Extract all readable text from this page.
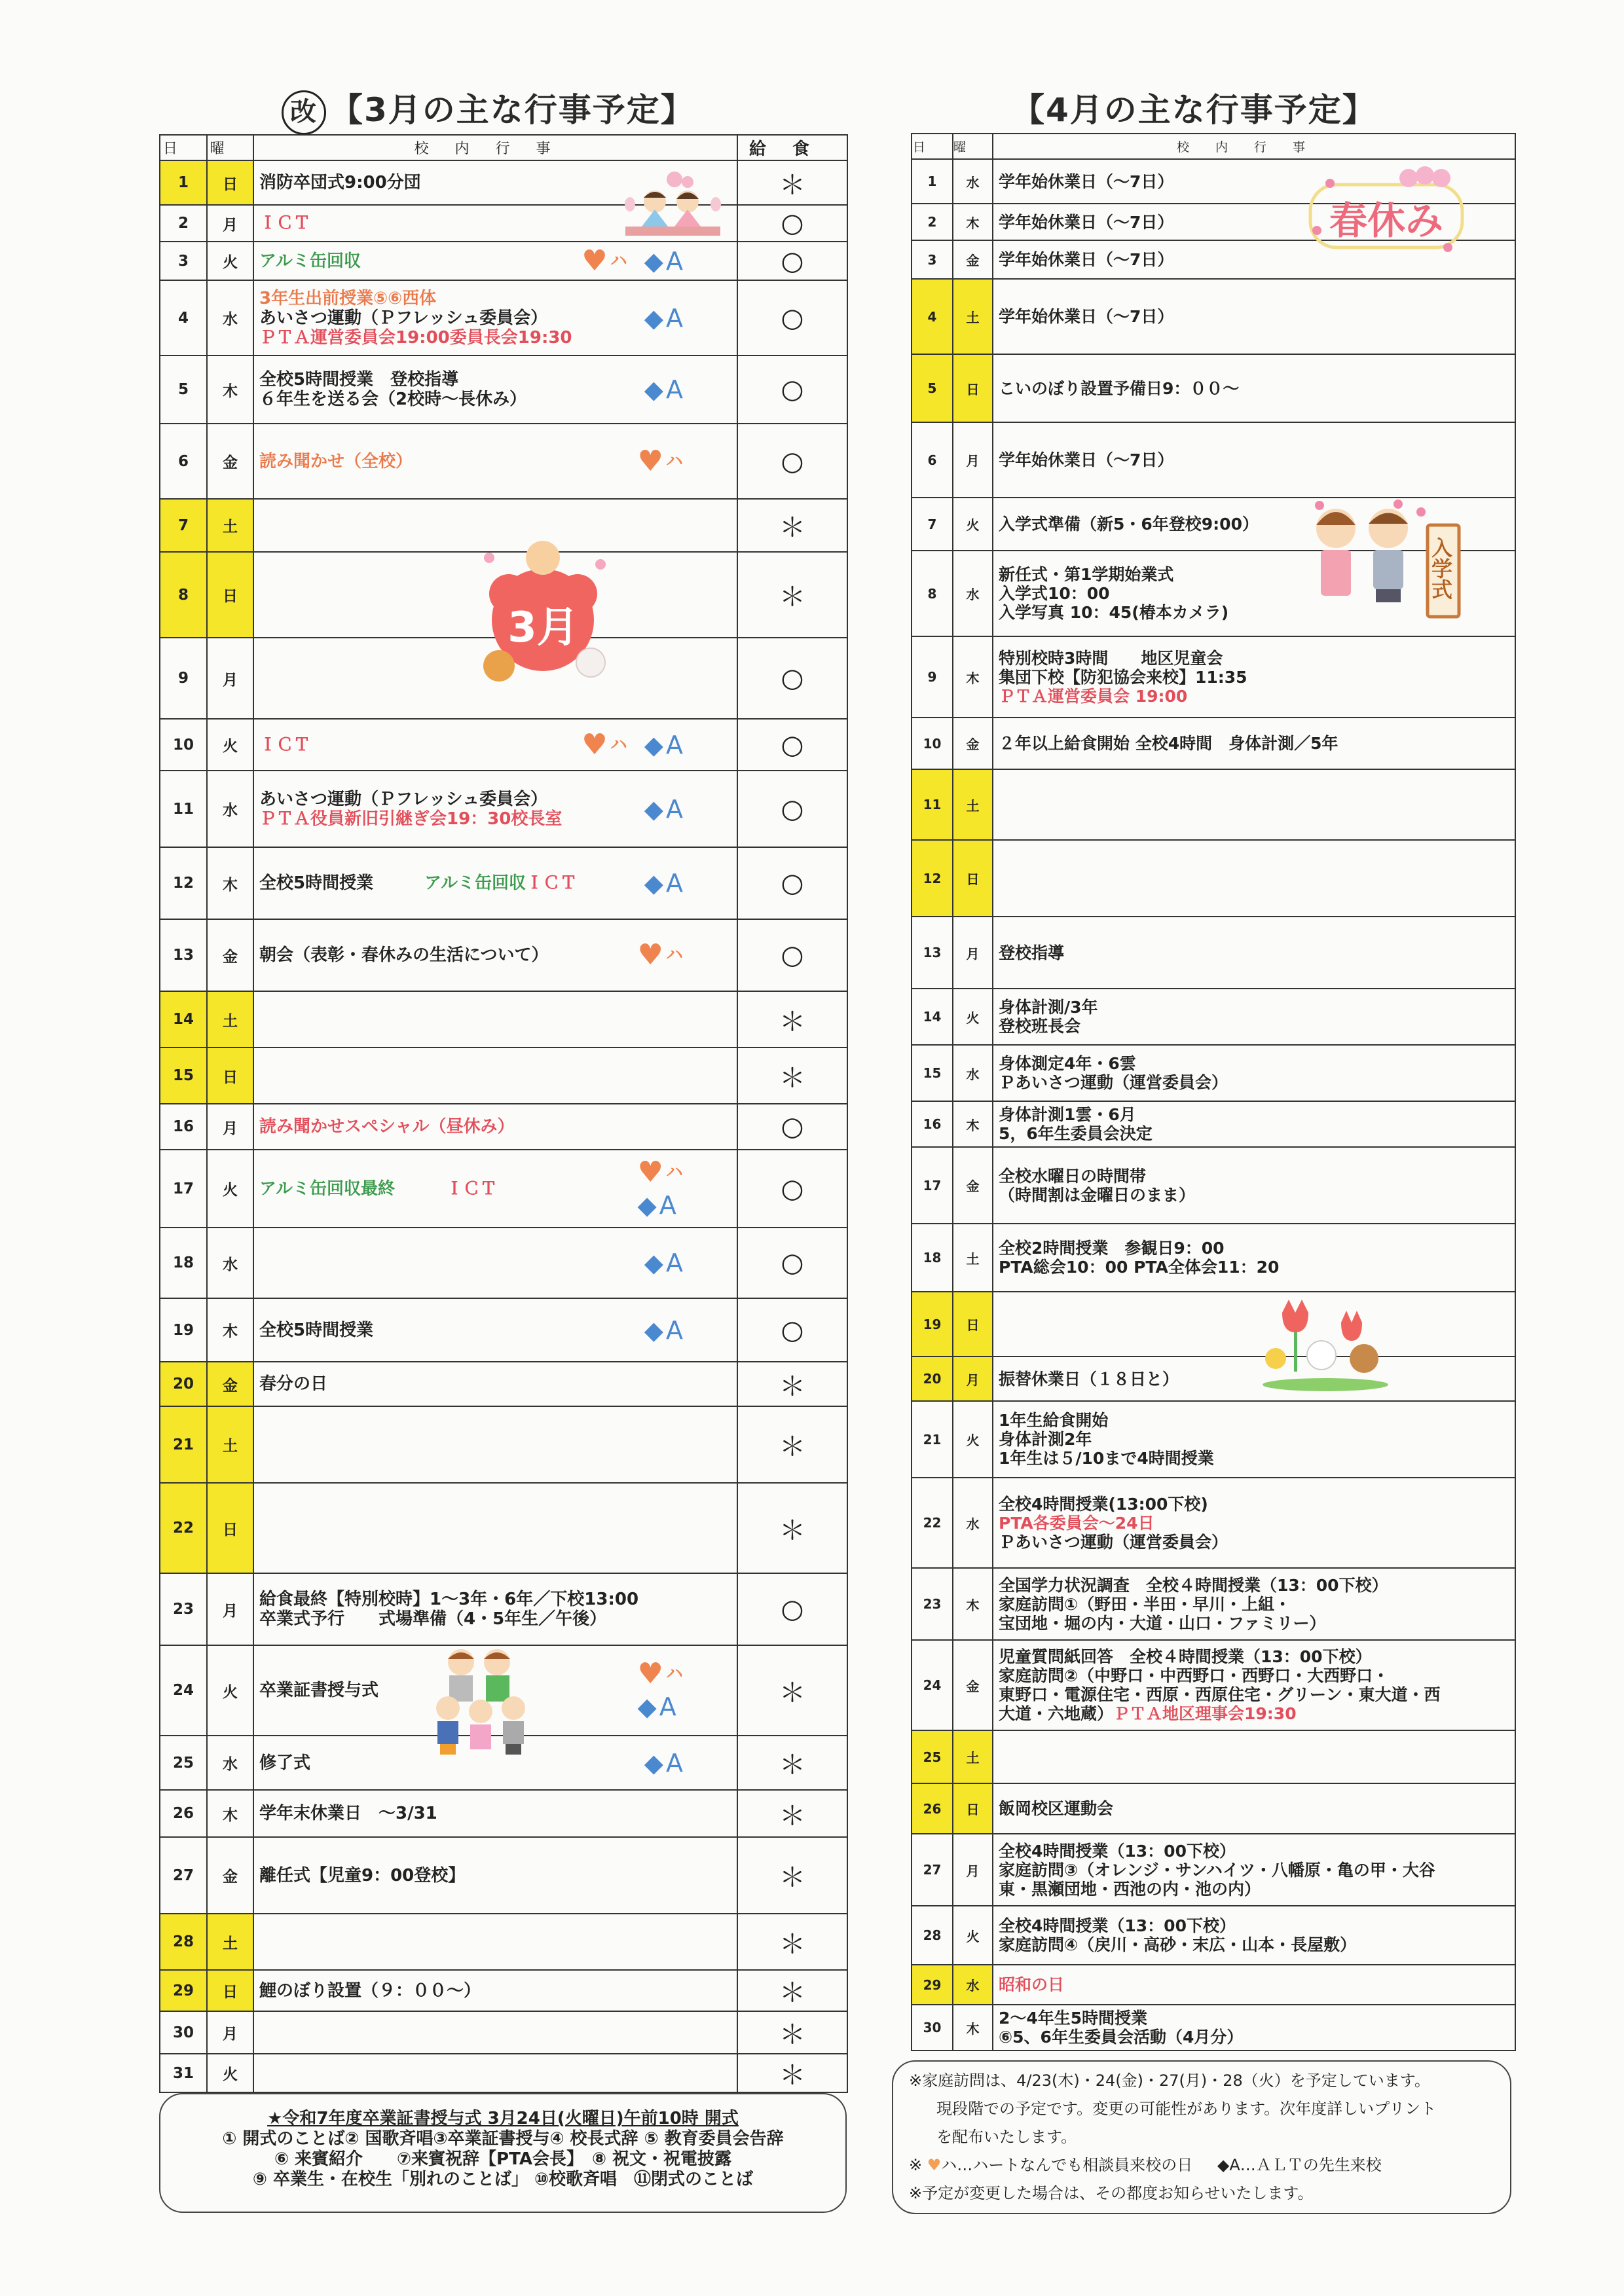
改 【3月の主な行事予定】	【4月の主な行事予定】
日	曜	校内行事	給食
1	日	消防卒団式9:00分団	＊
2	月	ＩＣＴ	○
3	火	アルミ缶回収 ♥ ハ ◆ A	○
4	水	3年生出前授業⑤⑥西体
あいさつ運動（Ｐフレッシュ委員会）
ＰＴＡ運営委員会19:00委員長会19:30
◆ A	○
5	木	全校5時間授業　登校指導
６年生を送る会（2校時～長休み） ◆ A	○
6	金	読み聞かせ（全校） ♥ ハ	○
7	土		＊
8	日		＊
9	月		○
10	火	ＩＣＴ ♥ ハ ◆ A	○
11	水	あいさつ運動（Ｐフレッシュ委員会）
ＰＴＡ役員新旧引継ぎ会19：30校長室 ◆ A	○
12	木	全校5時間授業　　　アルミ缶回収ＩＣＴ ◆ A	○
13	金	朝会（表彰・春休みの生活について） ♥ ハ	○
14	土		＊
15	日		＊
16	月	読み聞かせスペシャル（昼休み）	○
17	火	アルミ缶回収最終　　　ＩＣＴ ♥ ハ
◆ A	○
18	水	◆ A	○
19	木	全校5時間授業 ◆ A	○
20	金	春分の日	＊
21	土		＊
22	日		＊
23	月	給食最終【特別校時】1～3年・6年／下校13:00
卒業式予行　　式場準備（4・5年生／午後）	○
24	火	卒業証書授与式 ♥ ハ
◆ A	＊
25	水	修了式 ◆ A	＊
26	木	学年末休業日　～3/31	＊
27	金	離任式【児童9：00登校】	＊
28	土		＊
29	日	鯉のぼり設置（９：００～）	＊
30	月		＊
31	火		＊
日	曜	校内行事
1	水	学年始休業日（～7日）

2	木	学年始休業日（～7日）

3	金	学年始休業日（～7日）

4	土	学年始休業日（～7日）

5	日	こいのぼり設置予備日9：００～

6	月	学年始休業日（～7日）

7	火	入学式準備（新5・6年登校9:00）

8	水	新任式・第1学期始業式
入学式10：00
入学写真 10：45(椿本カメラ)

9	木	特別校時3時間　　地区児童会
集団下校【防犯協会来校】11:35
ＰＴＡ運営委員会 19:00

10	金	２年以上給食開始 全校4時間　身体計測／5年

11	土	
12	日	
13	月	登校指導

14	火	身体計測/3年
登校班長会

15	水	身体測定4年・6雲
Ｐあいさつ運動（運営委員会）

16	木	身体計測1雲・6月
5，6年生委員会決定

17	金	全校水曜日の時間帯
（時間割は金曜日のまま）

18	土	全校2時間授業　参観日9：00
PTA総会10：00 PTA全体会11：20

19	日	
20	月	振替休業日（１８日と）

21	火	1年生給食開始
身体計測2年
1年生は５/10まで4時間授業

22	水	全校4時間授業(13:00下校)
PTA各委員会～24日
Ｐあいさつ運動（運営委員会）

23	木	全国学力状況調査　全校４時間授業（13：00下校）
家庭訪問①（野田・半田・早川・上組・
宝団地・堀の内・大道・山口・ファミリー）

24	金	児童質問紙回答　全校４時間授業（13：00下校）
家庭訪問②（中野口・中西野口・西野口・大西野口・
東野口・電源住宅・西原・西原住宅・グリーン・東大道・西
大道・六地蔵）ＰＴＡ地区理事会19:30

25	土	
26	日	飯岡校区運動会

27	月	全校4時間授業（13：00下校）
家庭訪問③（オレンジ・サンハイツ・八幡原・亀の甲・大谷
東・黒瀬団地・西池の内・池の内）

28	火	全校4時間授業（13：00下校）
家庭訪問④（戻川・高砂・末広・山本・長屋敷）

29	水	昭和の日

30	木	2～4年生5時間授業
⑥5、6年生委員会活動（4月分）
3月
春休み
入学式
★令和7年度卒業証書授与式 3月24日(火曜日)午前10時 開式
① 開式のことば② 国歌斉唱③卒業証書授与④ 校長式辞 ⑤ 教育委員会告辞
⑥ 来賓紹介　　⑦来賓祝辞【PTA会長】　⑧ 祝文・祝電披露
⑨ 卒業生・在校生「別れのことば」 ⑩校歌斉唱　⑪閉式のことば
※家庭訪問は、4/23(木)・24(金)・27(月)・28（火）を予定しています。
現段階での予定です。変更の可能性があります。次年度詳しいプリント
を配布いたします。
※ ♥ハ…ハートなんでも相談員来校の日 ◆A…ＡＬＴの先生来校
※予定が変更した場合は、その都度お知らせいたします。
